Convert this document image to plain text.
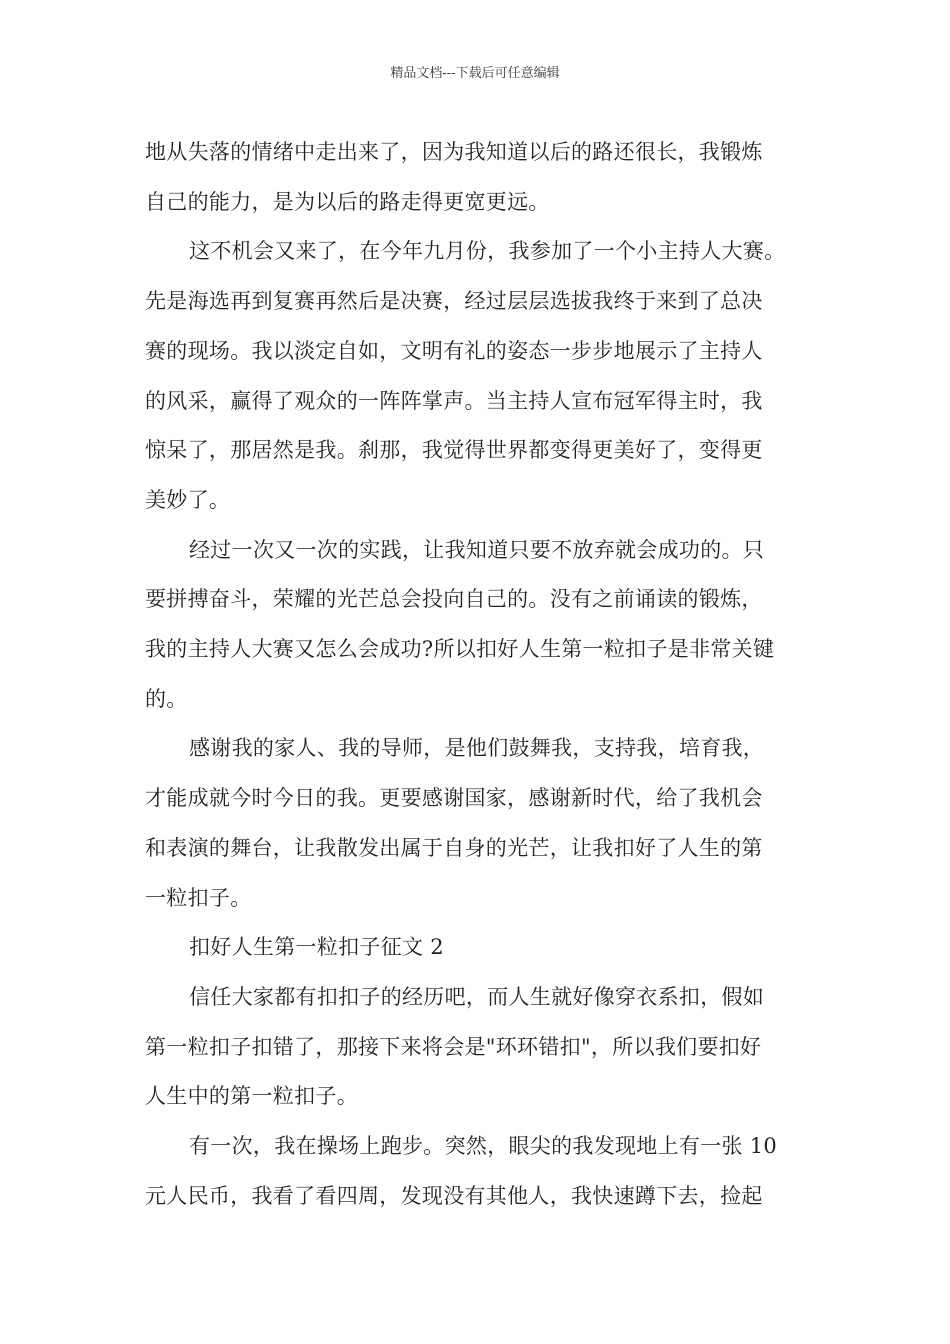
精品文档---下载后可任意编辑

地从失落的情绪中走出来了，因为我知道以后的路还很长，我锻炼
自己的能力，是为以后的路走得更宽更远。

这不机会又来了，在今年九月份，我参加了一个小主持人大赛。
先是海选再到复赛再然后是决赛，经过层层选拔我终于来到了总决
赛的现场。我以淡定自如，文明有礼的姿态一步步地展示了主持人
的风采，赢得了观众的一阵阵掌声。当主持人宣布冠军得主时，我
惊呆了，那居然是我。刹那，我觉得世界都变得更美好了，变得更
美妙了。

经过一次又一次的实践，让我知道只要不放弃就会成功的。只
要拼搏奋斗，荣耀的光芒总会投向自己的。没有之前诵读的锻炼，
我的主持人大赛又怎么会成功?所以扣好人生第一粒扣子是非常关键
的。

感谢我的家人、我的导师，是他们鼓舞我，支持我，培育我，
才能成就今时今日的我。更要感谢国家，感谢新时代，给了我机会
和表演的舞台，让我散发出属于自身的光芒，让我扣好了人生的第
一粒扣子。

扣好人生第一粒扣子征文 2

信任大家都有扣扣子的经历吧，而人生就好像穿衣系扣，假如
第一粒扣子扣错了，那接下来将会是"环环错扣"，所以我们要扣好
人生中的第一粒扣子。

有一次，我在操场上跑步。突然，眼尖的我发现地上有一张 10
元人民币，我看了看四周，发现没有其他人，我快速蹲下去，捡起
